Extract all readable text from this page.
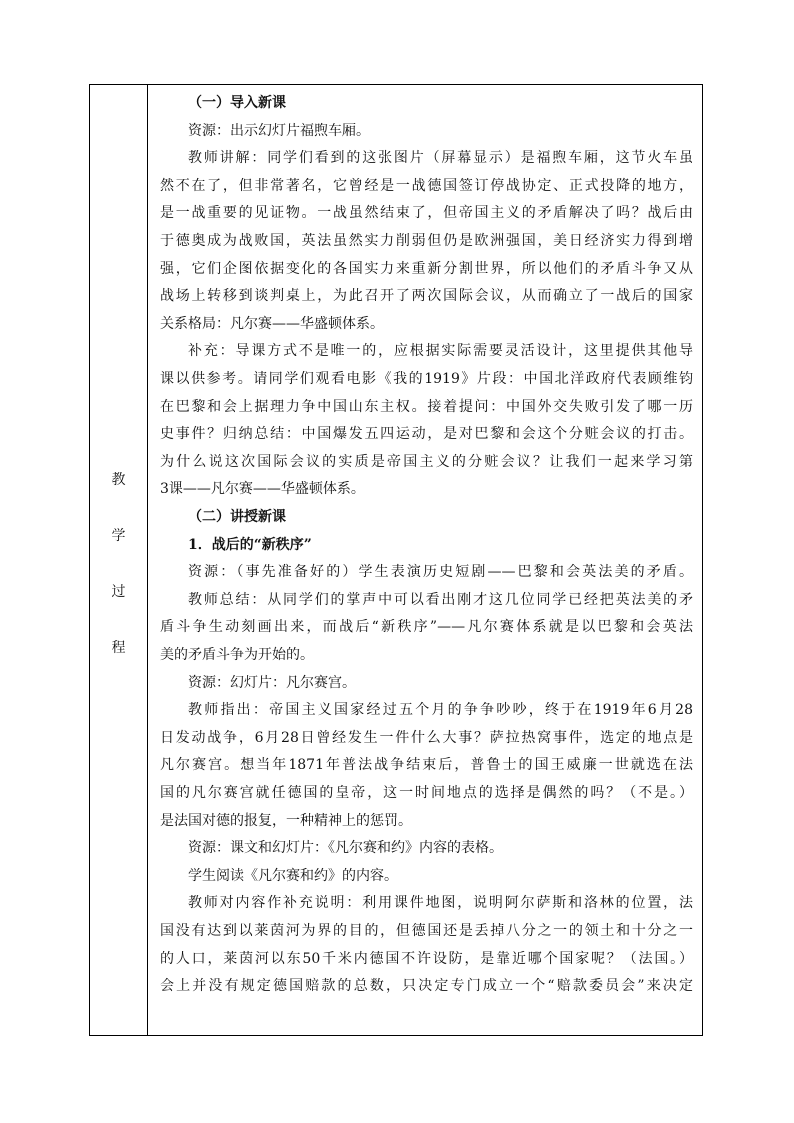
教
学
过
程
（一）导入新课
资源：出示幻灯片福煦车厢。
教师讲解：同学们看到的这张图片（屏幕显示）是福煦车厢，这节火车虽
然不在了，但非常著名，它曾经是一战德国签订停战协定、正式投降的地方，
是一战重要的见证物。一战虽然结束了，但帝国主义的矛盾解决了吗？战后由
于德奥成为战败国，英法虽然实力削弱但仍是欧洲强国，美日经济实力得到增
强，它们企图依据变化的各国实力来重新分割世界，所以他们的矛盾斗争又从
战场上转移到谈判桌上，为此召开了两次国际会议，从而确立了一战后的国家
关系格局：凡尔赛——华盛顿体系。
补充：导课方式不是唯一的，应根据实际需要灵活设计，这里提供其他导
课以供参考。请同学们观看电影《我的1919》片段：中国北洋政府代表顾维钧
在巴黎和会上据理力争中国山东主权。接着提问：中国外交失败引发了哪一历
史事件？归纳总结：中国爆发五四运动，是对巴黎和会这个分赃会议的打击。
为什么说这次国际会议的实质是帝国主义的分赃会议？让我们一起来学习第
3课——凡尔赛——华盛顿体系。
（二）讲授新课
1．战后的“新秩序”
资源：（事先准备好的）学生表演历史短剧——巴黎和会英法美的矛盾。
教师总结：从同学们的掌声中可以看出刚才这几位同学已经把英法美的矛
盾斗争生动刻画出来，而战后“新秩序”——凡尔赛体系就是以巴黎和会英法
美的矛盾斗争为开始的。
资源：幻灯片：凡尔赛宫。
教师指出：帝国主义国家经过五个月的争争吵吵，终于在1919年6月28
日发动战争，6月28日曾经发生一件什么大事？萨拉热窝事件，选定的地点是
凡尔赛宫。想当年1871年普法战争结束后，普鲁士的国王威廉一世就选在法
国的凡尔赛宫就任德国的皇帝，这一时间地点的选择是偶然的吗？（不是。）
是法国对德的报复，一种精神上的惩罚。
资源：课文和幻灯片：《凡尔赛和约》内容的表格。
学生阅读《凡尔赛和约》的内容。
教师对内容作补充说明：利用课件地图，说明阿尔萨斯和洛林的位置，法
国没有达到以莱茵河为界的目的，但德国还是丢掉八分之一的领土和十分之一
的人口，莱茵河以东50千米内德国不许设防，是靠近哪个国家呢？（法国。）
会上并没有规定德国赔款的总数，只决定专门成立一个“赔款委员会”来决定
